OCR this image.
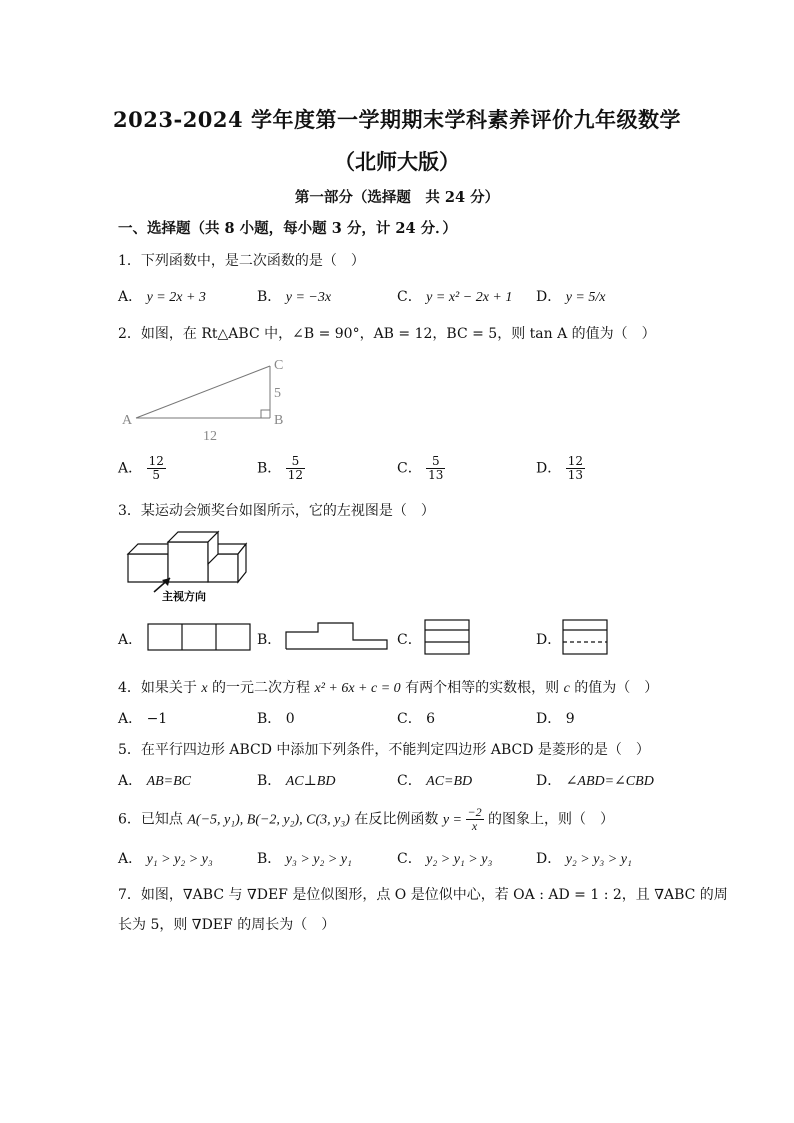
2023-2024 学年度第一学期期末学科素养评价九年级数学
（北师大版）
第一部分（选择题　共 24 分）
一、选择题（共 8 小题，每小题 3 分，计 24 分．）
1．下列函数中，是二次函数的是（　）
A． y = 2x + 3	B． y = −3x	C． y = x² − 2x + 1 D． y = 5/x
2．如图，在 Rt△ABC 中，∠B = 90°，AB = 12，BC = 5，则 tan A 的值为（　）
A	B
C
12
5
A． $\frac{12}{5}$	B． $\frac{5}{12}$	C． $\frac{5}{13}$	D． $\frac{12}{13}$
3．某运动会颁奖台如图所示，它的左视图是（　）
主视方向
A．	B．	C．	D．
4．如果关于 x 的一元二次方程 x² + 6x + c = 0 有两个相等的实数根，则 c 的值为（　）
A． −1	B． 0	C． 6	D． 9
5．在平行四边形 ABCD 中添加下列条件，不能判定四边形 ABCD 是菱形的是（　）
A． AB=BC	B． AC⊥BD	C． AC=BD	D． ∠ABD=∠CBD
6．已知点 A(−5, y₁), B(−2, y₂), C(3, y₃) 在反比例函数 $y = \frac{-2}{x}$ 的图象上，则（　）
A． y₁ > y₂ > y₃	B． y₃ > y₂ > y₁	C． y₂ > y₁ > y₃	D． y₂ > y₃ > y₁
7．如图，∇ABC 与 ∇DEF 是位似图形，点 O 是位似中心，若 OA : AD = 1 : 2，且 ∇ABC 的周
长为 5，则 ∇DEF 的周长为（　）
